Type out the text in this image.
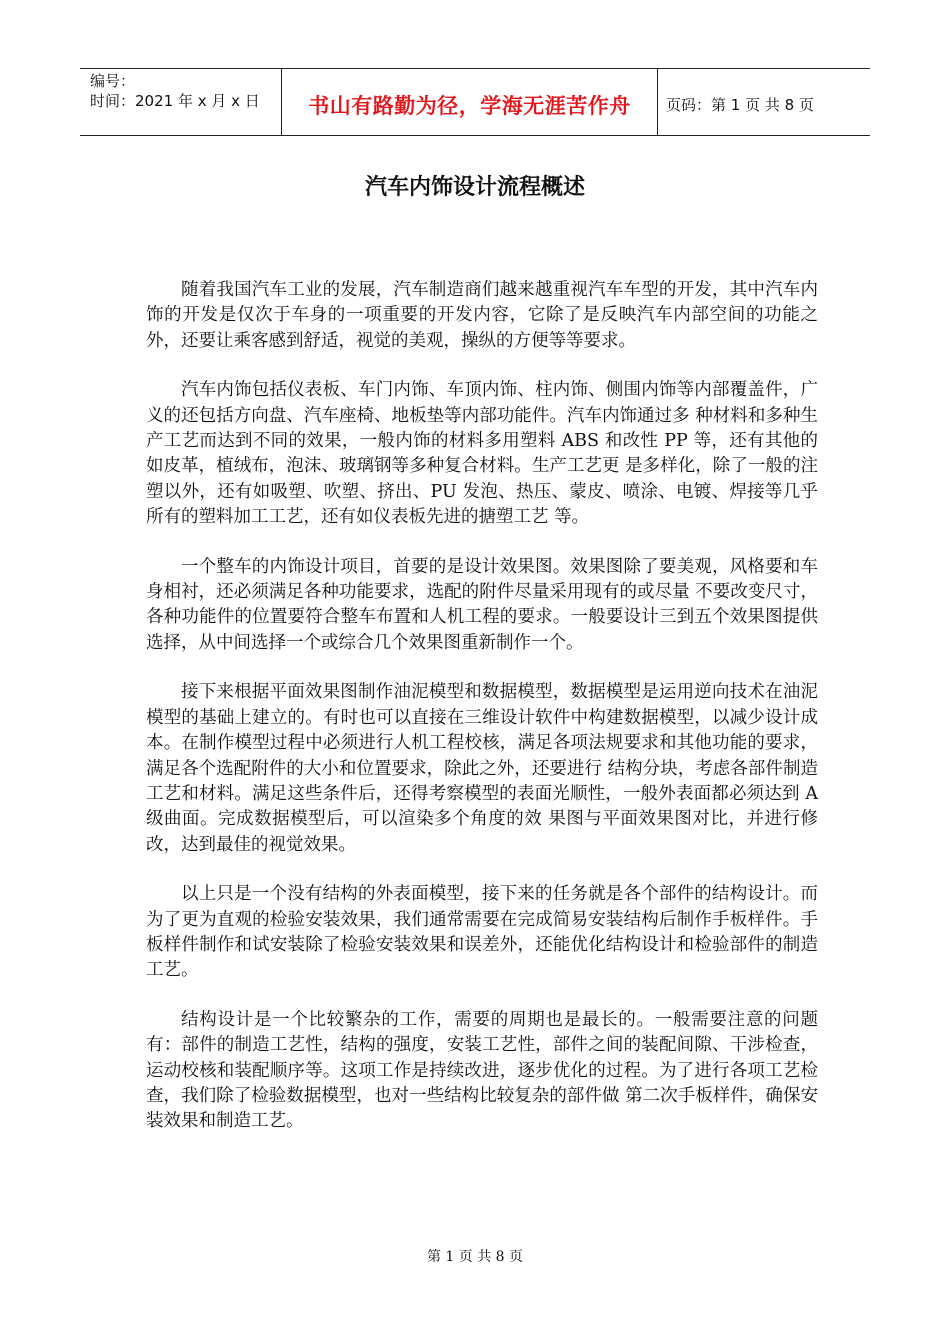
编号：
时间：2021 年 x 月 x 日	书山有路勤为径，学海无涯苦作舟 页码：第 1 页 共 8 页
汽车内饰设计流程概述

随着我国汽车工业的发展，汽车制造商们越来越重视汽车车型的开发，其中汽车内饰的开发是仅次于车身的一项重要的开发内容，它除了是反映汽车内部空间的功能之外，还要让乘客感到舒适，视觉的美观，操纵的方便等等要求。

汽车内饰包括仪表板、车门内饰、车顶内饰、柱内饰、侧围内饰等内部覆盖件，广义的还包括方向盘、汽车座椅、地板垫等内部功能件。汽车内饰通过多 种材料和多种生产工艺而达到不同的效果，一般内饰的材料多用塑料 ABS 和改性 PP 等，还有其他的如皮革，植绒布，泡沫、玻璃钢等多种复合材料。生产工艺更 是多样化，除了一般的注塑以外，还有如吸塑、吹塑、挤出、PU 发泡、热压、蒙皮、喷涂、电镀、焊接等几乎所有的塑料加工工艺，还有如仪表板先进的搪塑工艺 等。

一个整车的内饰设计项目，首要的是设计效果图。效果图除了要美观，风格要和车身相衬，还必须满足各种功能要求，选配的附件尽量采用现有的或尽量 不要改变尺寸，各种功能件的位置要符合整车布置和人机工程的要求。一般要设计三到五个效果图提供选择，从中间选择一个或综合几个效果图重新制作一个。

接下来根据平面效果图制作油泥模型和数据模型，数据模型是运用逆向技术在油泥模型的基础上建立的。有时也可以直接在三维设计软件中构建数据模型，以减少设计成本。在制作模型过程中必须进行人机工程校核，满足各项法规要求和其他功能的要求，满足各个选配附件的大小和位置要求，除此之外，还要进行 结构分块，考虑各部件制造工艺和材料。满足这些条件后，还得考察模型的表面光顺性，一般外表面都必须达到 A 级曲面。完成数据模型后，可以渲染多个角度的效 果图与平面效果图对比，并进行修改，达到最佳的视觉效果。

以上只是一个没有结构的外表面模型，接下来的任务就是各个部件的结构设计。而为了更为直观的检验安装效果，我们通常需要在完成简易安装结构后制作手板样件。手板样件制作和试安装除了检验安装效果和误差外，还能优化结构设计和检验部件的制造工艺。

结构设计是一个比较繁杂的工作，需要的周期也是最长的。一般需要注意的问题有：部件的制造工艺性，结构的强度，安装工艺性，部件之间的装配间隙、干涉检查，运动校核和装配顺序等。这项工作是持续改进，逐步优化的过程。为了进行各项工艺检查，我们除了检验数据模型，也对一些结构比较复杂的部件做 第二次手板样件，确保安装效果和制造工艺。

第 1 页 共 8 页
